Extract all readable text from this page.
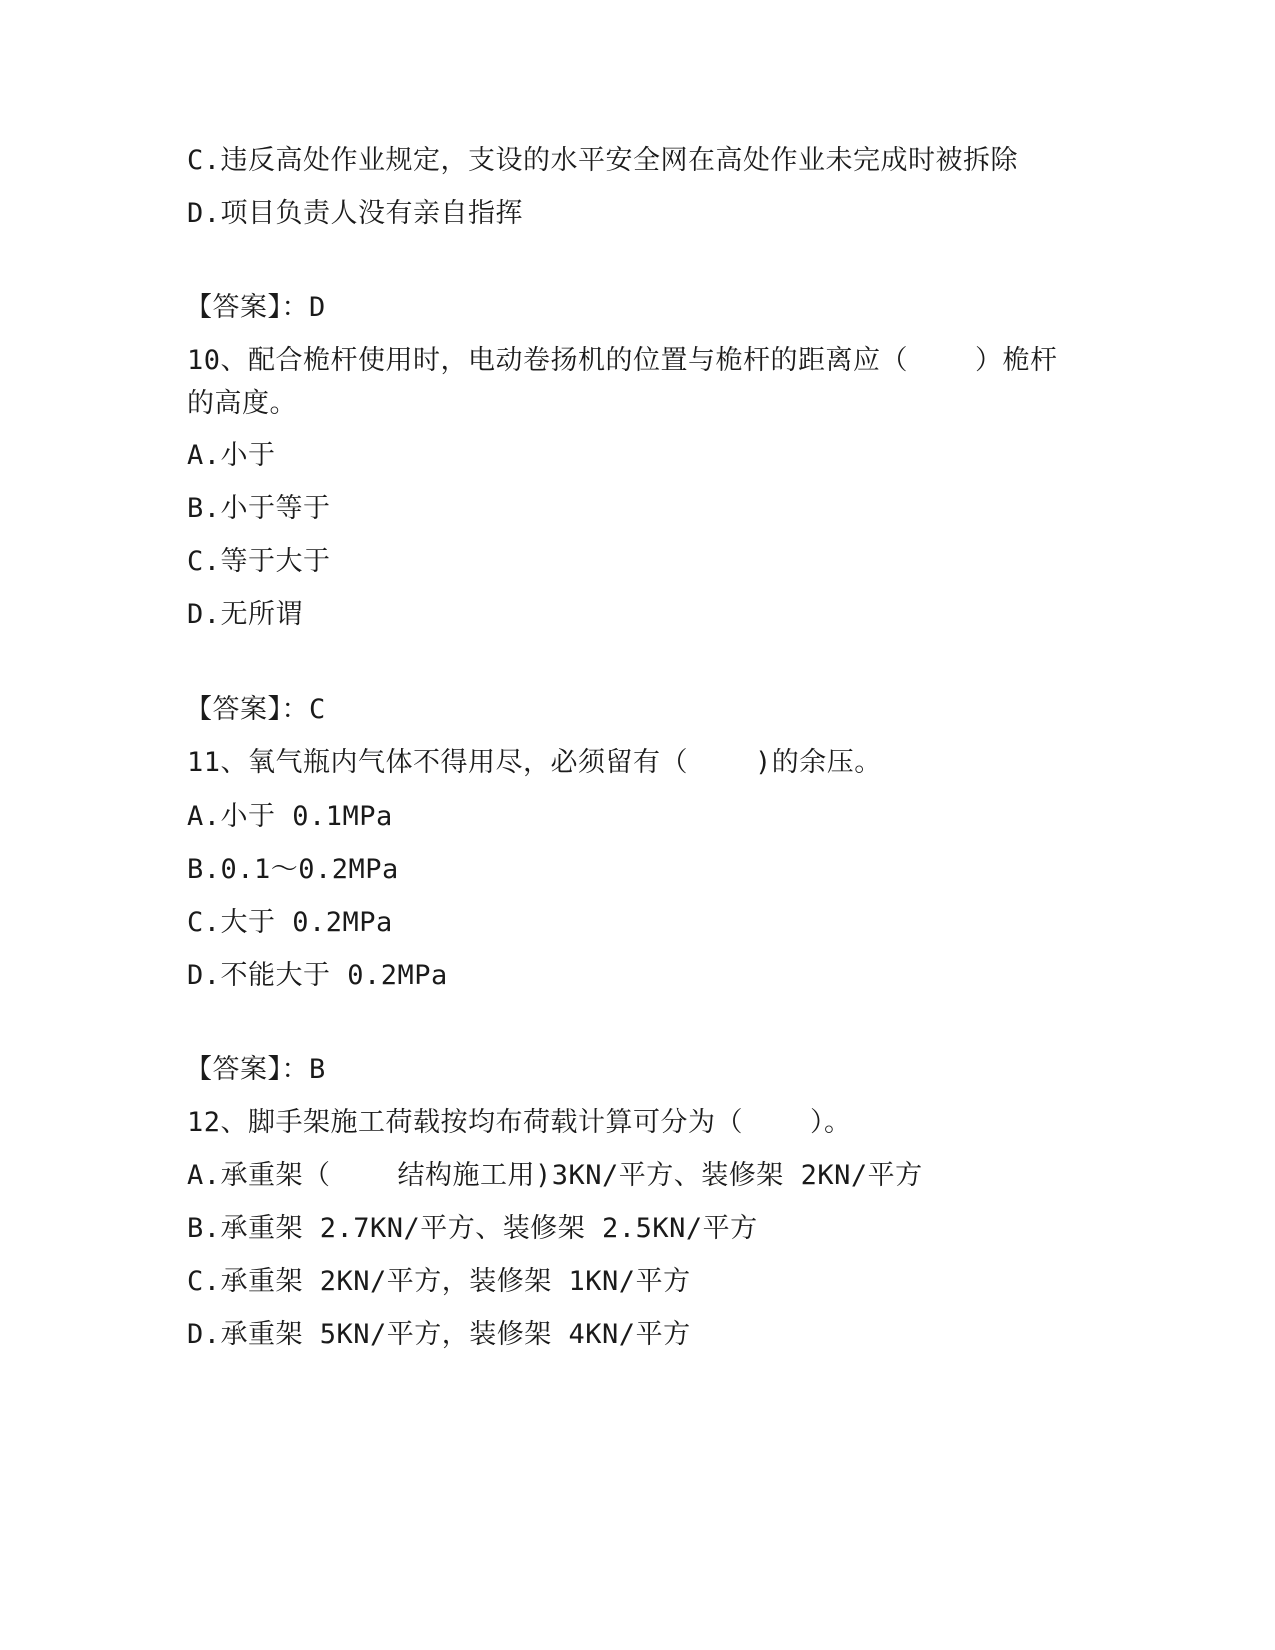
C.违反高处作业规定，支设的水平安全网在高处作业未完成时被拆除
D.项目负责人没有亲自指挥
【答案】：D
10、配合桅杆使用时，电动卷扬机的位置与桅杆的距离应（    ）桅杆
的高度。
A.小于
B.小于等于
C.等于大于
D.无所谓
【答案】：C
11、氧气瓶内气体不得用尽，必须留有（    )的余压。
A.小于 0.1MPa
B.0.1～0.2MPa
C.大于 0.2MPa
D.不能大于 0.2MPa
【答案】：B
12、脚手架施工荷载按均布荷载计算可分为（    ）。
A.承重架（    结构施工用)3KN/平方、装修架 2KN/平方
B.承重架 2.7KN/平方、装修架 2.5KN/平方
C.承重架 2KN/平方，装修架 1KN/平方
D.承重架 5KN/平方，装修架 4KN/平方
